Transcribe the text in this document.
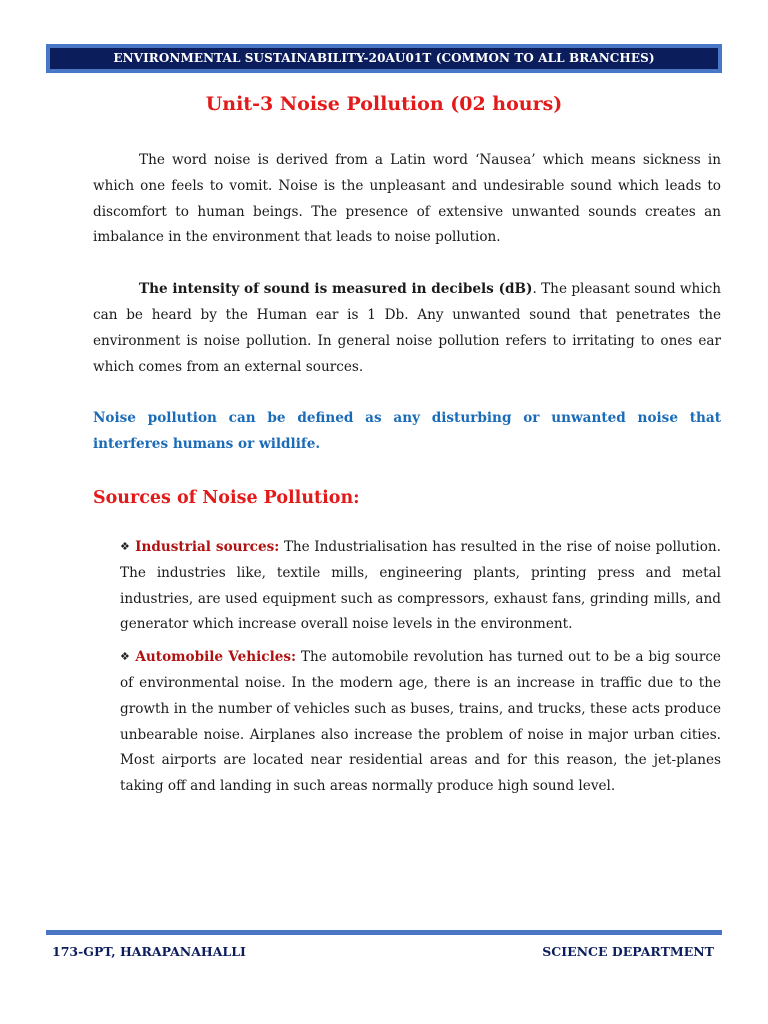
ENVIRONMENTAL SUSTAINABILITY-20AU01T (COMMON TO ALL BRANCHES)
Unit-3 Noise Pollution (02 hours)

The word noise is derived from a Latin word ‘Nausea’ which means sickness in which one feels to vomit. Noise is the unpleasant and undesirable sound which leads to discomfort to human beings. The presence of extensive unwanted sounds creates an imbalance in the environment that leads to noise pollution.

The intensity of sound is measured in decibels (dB). The pleasant sound which can be heard by the Human ear is 1 Db. Any unwanted sound that penetrates the environment is noise pollution. In general noise pollution refers to irritating to ones ear which comes from an external sources.

Noise pollution can be defined as any disturbing or unwanted noise that interferes humans or wildlife.

Sources of Noise Pollution:
❖ Industrial sources: The Industrialisation has resulted in the rise of noise pollution. The industries like, textile mills, engineering plants, printing press and metal industries, are used equipment such as compressors, exhaust fans, grinding mills, and generator which increase overall noise levels in the environment.
❖ Automobile Vehicles: The automobile revolution has turned out to be a big source of environmental noise. In the modern age, there is an increase in traffic due to the growth in the number of vehicles such as buses, trains, and trucks, these acts produce unbearable noise. Airplanes also increase the problem of noise in major urban cities. Most airports are located near residential areas and for this reason, the jet-planes taking off and landing in such areas normally produce high sound level.
173-GPT, HARAPANAHALLI	SCIENCE DEPARTMENT
